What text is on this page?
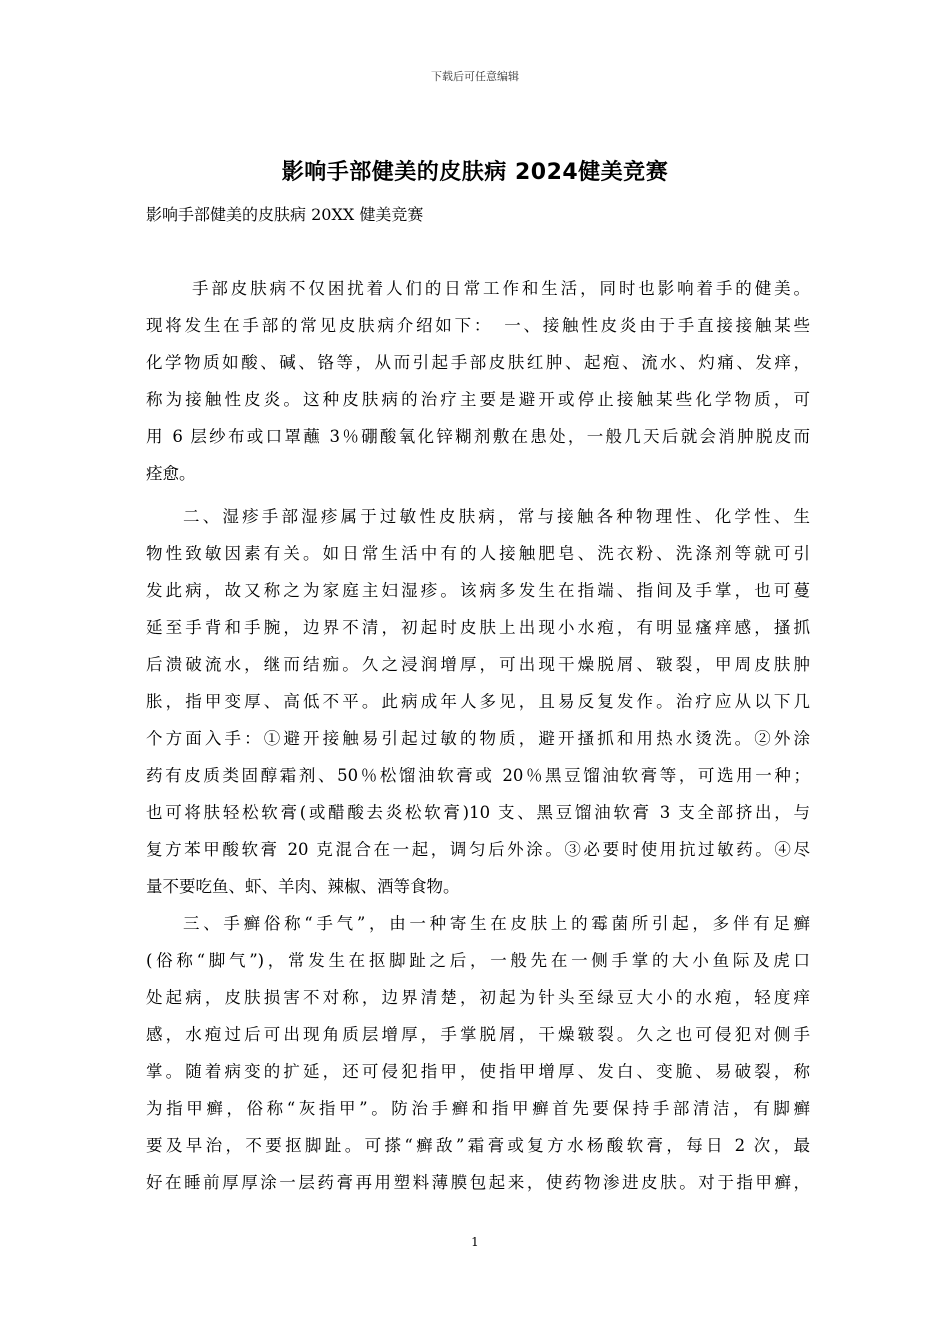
下载后可任意编辑
影响手部健美的皮肤病 2024健美竞赛
影响手部健美的皮肤病 20XX 健美竞赛
手部皮肤病不仅困扰着人们的日常工作和生活，同时也影响着手的健美。
现将发生在手部的常见皮肤病介绍如下：　一、接触性皮炎由于手直接接触某些
化学物质如酸、碱、铬等，从而引起手部皮肤红肿、起疱、流水、灼痛、发痒，
称为接触性皮炎。这种皮肤病的治疗主要是避开或停止接触某些化学物质，可
用 6 层纱布或口罩蘸 3％硼酸氧化锌糊剂敷在患处，一般几天后就会消肿脱皮而
痊愈。
二、湿疹手部湿疹属于过敏性皮肤病，常与接触各种物理性、化学性、生
物性致敏因素有关。如日常生活中有的人接触肥皂、洗衣粉、洗涤剂等就可引
发此病，故又称之为家庭主妇湿疹。该病多发生在指端、指间及手掌，也可蔓
延至手背和手腕，边界不清，初起时皮肤上出现小水疱，有明显瘙痒感，搔抓
后溃破流水，继而结痂。久之浸润增厚，可出现干燥脱屑、皲裂，甲周皮肤肿
胀，指甲变厚、高低不平。此病成年人多见，且易反复发作。治疗应从以下几
个方面入手：①避开接触易引起过敏的物质，避开搔抓和用热水烫洗。②外涂
药有皮质类固醇霜剂、50％松馏油软膏或 20％黑豆馏油软膏等，可选用一种；
也可将肤轻松软膏(或醋酸去炎松软膏)10 支、黑豆馏油软膏 3 支全部挤出，与
复方苯甲酸软膏 20 克混合在一起，调匀后外涂。③必要时使用抗过敏药。④尽
量不要吃鱼、虾、羊肉、辣椒、酒等食物。
三、手癣俗称“手气”，由一种寄生在皮肤上的霉菌所引起，多伴有足癣
(俗称“脚气”)，常发生在抠脚趾之后，一般先在一侧手掌的大小鱼际及虎口
处起病，皮肤损害不对称，边界清楚，初起为针头至绿豆大小的水疱，轻度痒
感，水疱过后可出现角质层增厚，手掌脱屑，干燥皲裂。久之也可侵犯对侧手
掌。随着病变的扩延，还可侵犯指甲，使指甲增厚、发白、变脆、易破裂，称
为指甲癣，俗称“灰指甲”。防治手癣和指甲癣首先要保持手部清洁，有脚癣
要及早治，不要抠脚趾。可搽“癣敌”霜膏或复方水杨酸软膏，每日 2 次，最
好在睡前厚厚涂一层药膏再用塑料薄膜包起来，使药物渗进皮肤。对于指甲癣，
1
